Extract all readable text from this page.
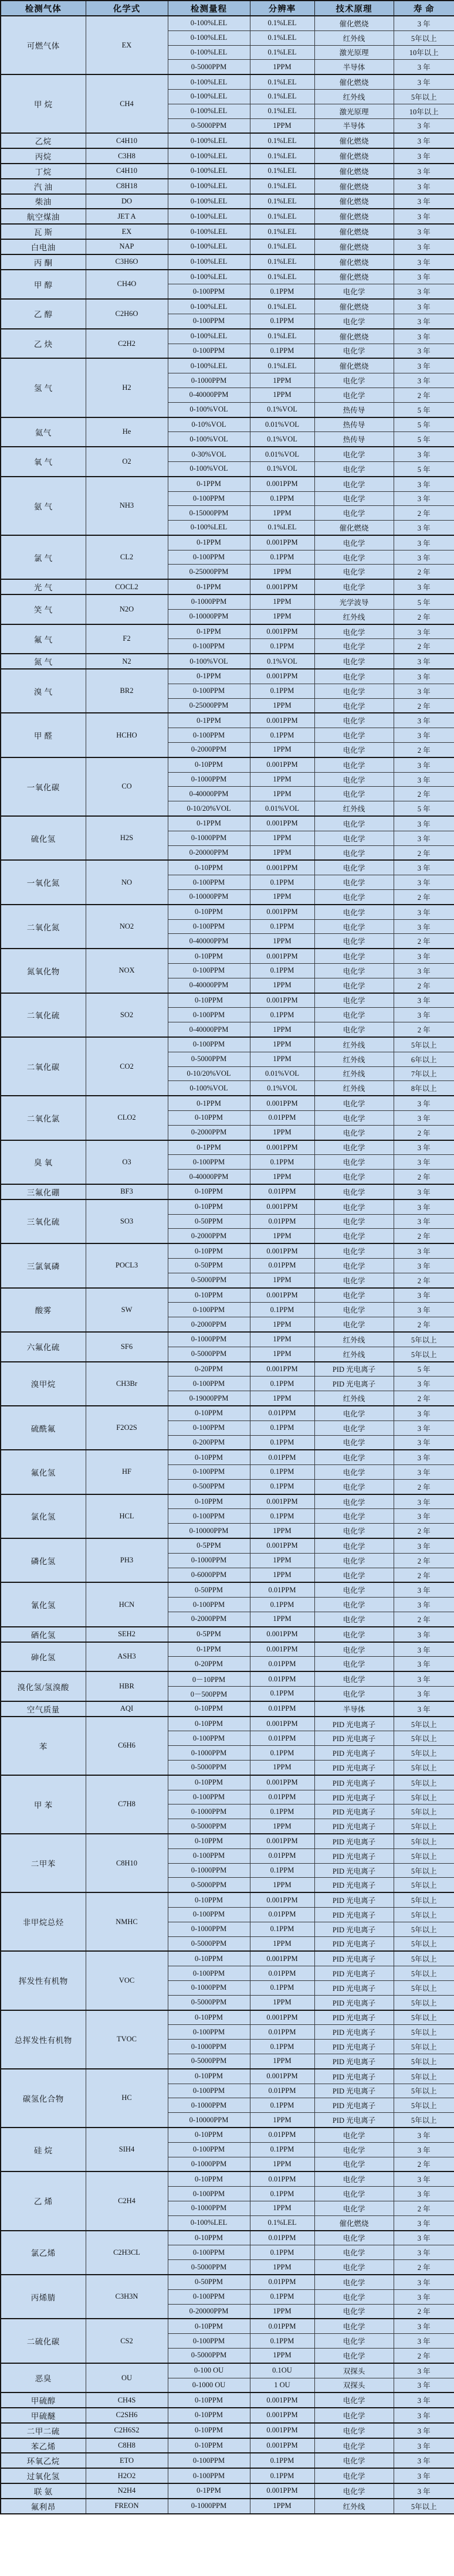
检测气体	化学式	检测量程	分辨率	技术原理	寿 命
可燃气体	EX	0-100%LEL	0.1%LEL	催化燃烧	3 年
		0-100%LEL	0.1%LEL	红外线	5年以上
		0-100%LEL	0.1%LEL	激光原理	10年以上
		0-5000PPM	1PPM	半导体	3 年
甲 烷	CH4	0-100%LEL	0.1%LEL	催化燃烧	3 年
		0-100%LEL	0.1%LEL	红外线	5年以上
		0-100%LEL	0.1%LEL	激光原理	10年以上
		0-5000PPM	1PPM	半导体	3 年
乙烷	C4H10	0-100%LEL	0.1%LEL	催化燃烧	3 年
丙烷	C3H8	0-100%LEL	0.1%LEL	催化燃烧	3 年
丁烷	C4H10	0-100%LEL	0.1%LEL	催化燃烧	3 年
汽 油	C8H18	0-100%LEL	0.1%LEL	催化燃烧	3 年
柴油	DO	0-100%LEL	0.1%LEL	催化燃烧	3 年
航空煤油	JET A	0-100%LEL	0.1%LEL	催化燃烧	3 年
瓦 斯	EX	0-100%LEL	0.1%LEL	催化燃烧	3 年
白电油	NAP	0-100%LEL	0.1%LEL	催化燃烧	3 年
丙 酮	C3H6O	0-100%LEL	0.1%LEL	催化燃烧	3 年
甲 醇	CH4O	0-100%LEL	0.1%LEL	催化燃烧	3 年
		0-100PPM	0.1PPM	电化学	3 年
乙 醇	C2H6O	0-100%LEL	0.1%LEL	催化燃烧	3 年
		0-100PPM	0.1PPM	电化学	3 年
乙 炔	C2H2	0-100%LEL	0.1%LEL	催化燃烧	3 年
		0-100PPM	0.1PPM	电化学	3 年
氢 气	H2	0-100%LEL	0.1%LEL	催化燃烧	3 年
		0-1000PPM	1PPM	电化学	3 年
		0-40000PPM	1PPM	电化学	2 年
		0-100%VOL	0.1%VOL	热传导	5 年
氦气	He	0-10%VOL	0.01%VOL	热传导	5 年
		0-100%VOL	0.1%VOL	热传导	5 年
氧 气	O2	0-30%VOL	0.01%VOL	电化学	3 年
		0-100%VOL	0.1%VOL	电化学	5 年
氨 气	NH3	0-1PPM	0.001PPM	电化学	3 年
		0-100PPM	0.1PPM	电化学	3 年
		0-15000PPM	1PPM	电化学	2 年
		0-100%LEL	0.1%LEL	催化燃烧	3 年
氯 气	CL2	0-1PPM	0.001PPM	电化学	3 年
		0-100PPM	0.1PPM	电化学	3 年
		0-25000PPM	1PPM	电化学	2 年
光 气	COCL2	0-1PPM	0.001PPM	电化学	3 年
笑 气	N2O	0-1000PPM	1PPM	光学波导	5 年
		0-10000PPM	1PPM	红外线	2 年
氟 气	F2	0-1PPM	0.001PPM	电化学	3 年
		0-100PPM	0.1PPM	电化学	2 年
氮 气	N2	0-100%VOL	0.1%VOL	电化学	3 年
溴 气	BR2	0-1PPM	0.001PPM	电化学	3 年
		0-100PPM	0.1PPM	电化学	3 年
		0-25000PPM	1PPM	电化学	2 年
甲 醛	HCHO	0-1PPM	0.001PPM	电化学	3 年
		0-100PPM	0.1PPM	电化学	3 年
		0-2000PPM	1PPM	电化学	2 年
一氧化碳	CO	0-10PPM	0.001PPM	电化学	3 年
		0-1000PPM	1PPM	电化学	3 年
		0-40000PPM	1PPM	电化学	2 年
		0-10/20%VOL	0.01%VOL	红外线	5 年
硫化氢	H2S	0-1PPM	0.001PPM	电化学	3 年
		0-1000PPM	1PPM	电化学	3 年
		0-20000PPM	1PPM	电化学	2 年
一氧化氮	NO	0-10PPM	0.001PPM	电化学	3 年
		0-100PPM	0.1PPM	电化学	3 年
		0-10000PPM	1PPM	电化学	2 年
二氧化氮	NO2	0-10PPM	0.001PPM	电化学	3 年
		0-100PPM	0.1PPM	电化学	3 年
		0-40000PPM	1PPM	电化学	2 年
氮氧化物	NOX	0-10PPM	0.001PPM	电化学	3 年
		0-100PPM	0.1PPM	电化学	3 年
		0-40000PPM	1PPM	电化学	2 年
二氧化硫	SO2	0-10PPM	0.001PPM	电化学	3 年
		0-100PPM	0.1PPM	电化学	3 年
		0-40000PPM	1PPM	电化学	2 年
二氧化碳	CO2	0-100PPM	1PPM	红外线	5年以上
		0-5000PPM	1PPM	红外线	6年以上
		0-10/20%VOL	0.01%VOL	红外线	7年以上
		0-100%VOL	0.1%VOL	红外线	8年以上
二氧化氯	CLO2	0-1PPM	0.001PPM	电化学	3 年
		0-10PPM	0.01PPM	电化学	3 年
		0-2000PPM	1PPM	电化学	2 年
臭 氧	O3	0-1PPM	0.001PPM	电化学	3 年
		0-100PPM	0.1PPM	电化学	3 年
		0-40000PPM	1PPM	电化学	2 年
三氟化硼	BF3	0-10PPM	0.01PPM	电化学	3 年
三氧化硫	SO3	0-10PPM	0.001PPM	电化学	3 年
		0-50PPM	0.01PPM	电化学	3 年
		0-2000PPM	1PPM	电化学	2 年
三氯氧磷	POCL3	0-10PPM	0.001PPM	电化学	3 年
		0-50PPM	0.01PPM	电化学	3 年
		0-5000PPM	1PPM	电化学	2 年
酸雾	SW	0-10PPM	0.001PPM	电化学	3 年
		0-100PPM	0.1PPM	电化学	3 年
		0-2000PPM	1PPM	电化学	2 年
六氟化硫	SF6	0-1000PPM	1PPM	红外线	5年以上
		0-5000PPM	1PPM	红外线	5年以上
溴甲烷	CH3Br	0-20PPM	0.001PPM	PID 光电离子	5 年
		0-100PPM	0.1PPM	PID 光电离子	3 年
		0-19000PPM	1PPM	红外线	2 年
硫酰氟	F2O2S	0-10PPM	0.01PPM	电化学	3 年
		0-100PPM	0.1PPM	电化学	3 年
		0-200PPM	0.1PPM	电化学	3 年
氟化氢	HF	0-10PPM	0.01PPM	电化学	3 年
		0-100PPM	0.1PPM	电化学	3 年
		0-500PPM	0.1PPM	电化学	2 年
氯化氢	HCL	0-10PPM	0.001PPM	电化学	3 年
		0-100PPM	0.1PPM	电化学	3 年
		0-10000PPM	1PPM	电化学	2 年
磷化氢	PH3	0-5PPM	0.001PPM	电化学	3 年
		0-1000PPM	1PPM	电化学	2 年
		0-6000PPM	1PPM	电化学	2 年
氰化氢	HCN	0-50PPM	0.01PPM	电化学	3 年
		0-100PPM	0.1PPM	电化学	3 年
		0-2000PPM	1PPM	电化学	2 年
硒化氢	SEH2	0-5PPM	0.001PPM	电化学	3 年
砷化氢	ASH3	0-1PPM	0.001PPM	电化学	3 年
		0-20PPM	0.01PPM	电化学	3 年
溴化氢/氢溴酸	HBR	0－10PPM	0.01PPM	电化学	3 年
		0－500PPM	0.1PPM	电化学	3 年
空气质量	AQI	0-10PPM	0.01PPM	半导体	3 年
苯	C6H6	0-10PPM	0.001PPM	PID 光电离子	5年以上
		0-100PPM	0.01PPM	PID 光电离子	5年以上
		0-1000PPM	0.1PPM	PID 光电离子	5年以上
		0-5000PPM	1PPM	PID 光电离子	5年以上
甲 苯	C7H8	0-10PPM	0.001PPM	PID 光电离子	5年以上
		0-100PPM	0.01PPM	PID 光电离子	5年以上
		0-1000PPM	0.1PPM	PID 光电离子	5年以上
		0-5000PPM	1PPM	PID 光电离子	5年以上
二甲苯	C8H10	0-10PPM	0.001PPM	PID 光电离子	5年以上
		0-100PPM	0.01PPM	PID 光电离子	5年以上
		0-1000PPM	0.1PPM	PID 光电离子	5年以上
		0-5000PPM	1PPM	PID 光电离子	5年以上
非甲烷总烃	NMHC	0-10PPM	0.001PPM	PID 光电离子	5年以上
		0-100PPM	0.01PPM	PID 光电离子	5年以上
		0-1000PPM	0.1PPM	PID 光电离子	5年以上
		0-5000PPM	1PPM	PID 光电离子	5年以上
挥发性有机物	VOC	0-10PPM	0.001PPM	PID 光电离子	5年以上
		0-100PPM	0.01PPM	PID 光电离子	5年以上
		0-1000PPM	0.1PPM	PID 光电离子	5年以上
		0-5000PPM	1PPM	PID 光电离子	5年以上
总挥发性有机物	TVOC	0-10PPM	0.001PPM	PID 光电离子	5年以上
		0-100PPM	0.01PPM	PID 光电离子	5年以上
		0-1000PPM	0.1PPM	PID 光电离子	5年以上
		0-5000PPM	1PPM	PID 光电离子	5年以上
碳氢化合物	HC	0-10PPM	0.001PPM	PID 光电离子	5年以上
		0-100PPM	0.01PPM	PID 光电离子	5年以上
		0-1000PPM	0.1PPM	PID 光电离子	5年以上
		0-10000PPM	1PPM	PID 光电离子	5年以上
硅 烷	SIH4	0-10PPM	0.01PPM	电化学	3 年
		0-100PPM	0.1PPM	电化学	3 年
		0-1000PPM	1PPM	电化学	2 年
乙 烯	C2H4	0-10PPM	0.01PPM	电化学	3 年
		0-100PPM	0.1PPM	电化学	3 年
		0-1000PPM	1PPM	电化学	2 年
		0-100%LEL	0.1%LEL	催化燃烧	3 年
氯乙烯	C2H3CL	0-10PPM	0.01PPM	电化学	3 年
		0-100PPM	0.1PPM	电化学	3 年
		0-5000PPM	1PPM	电化学	2 年
丙烯腈	C3H3N	0-50PPM	0.01PPM	电化学	3 年
		0-100PPM	0.1PPM	电化学	3 年
		0-20000PPM	1PPM	电化学	2 年
二硫化碳	CS2	0-10PPM	0.01PPM	电化学	3 年
		0-100PPM	0.1PPM	电化学	3 年
		0-5000PPM	1PPM	电化学	2 年
恶臭	OU	0-100 OU	0.1OU	双探头	3 年
		0-1000 OU	1 OU	双探头	3 年
甲硫醇	CH4S	0-10PPM	0.001PPM	电化学	3 年
甲硫醚	C2SH6	0-10PPM	0.001PPM	电化学	3 年
二甲二硫	C2H6S2	0-10PPM	0.001PPM	电化学	3 年
苯乙烯	C8H8	0-10PPM	0.001PPM	电化学	3 年
环氧乙烷	ETO	0-100PPM	0.1PPM	电化学	3 年
过氧化氢	H2O2	0-100PPM	0.1PPM	电化学	3 年
联 氨	N2H4	0-1PPM	0.001PPM	电化学	3 年
氟利昂	FREON	0-1000PPM	1PPM	红外线	5年以上
